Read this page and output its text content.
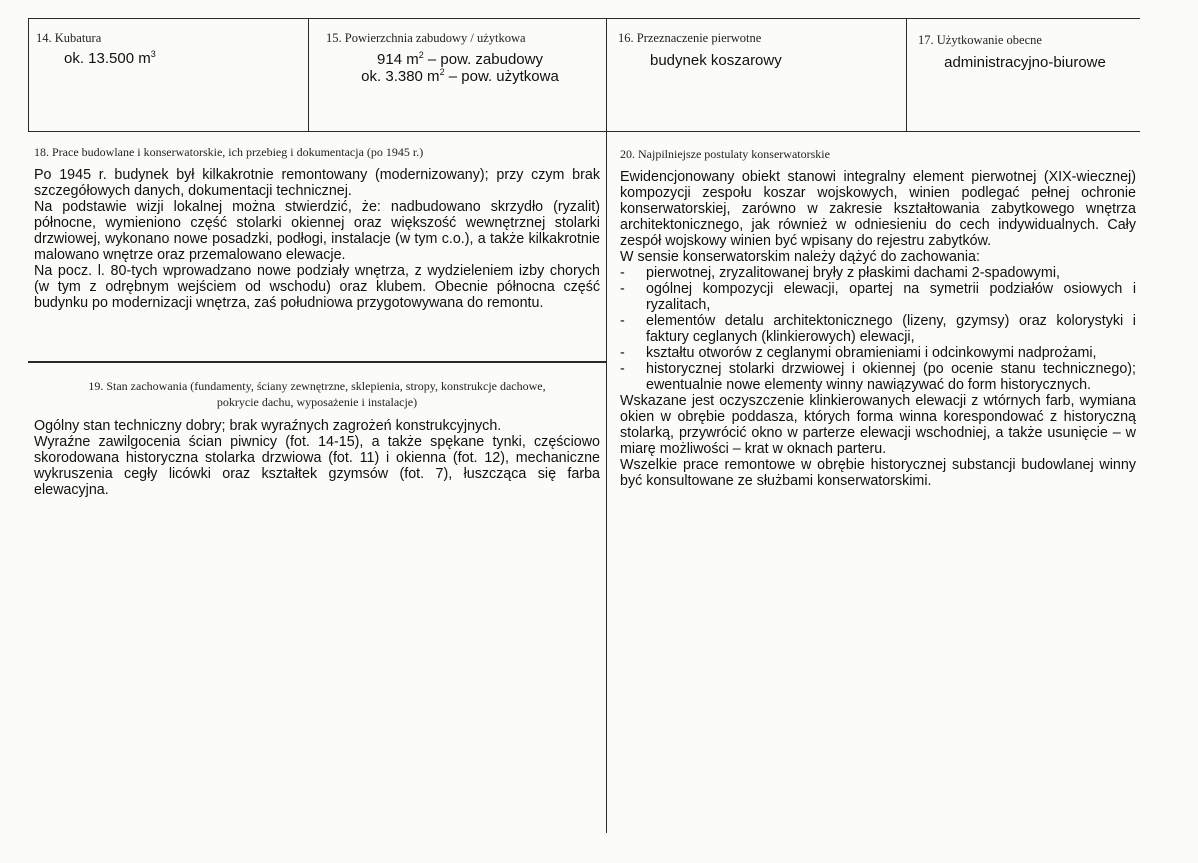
14. Kubatura
ok. 13.500 $m^3$
15. Powierzchnia zabudowy / użytkowa
914 $m^2$ – pow. zabudowy
ok. 3.380 $m^2$ – pow. użytkowa
16. Przeznaczenie pierwotne
budynek koszarowy
17. Użytkowanie obecne
administracyjno-biurowe
18. Prace budowlane i konserwatorskie, ich przebieg i dokumentacja (po 1945 r.)

Po 1945 r. budynek był kilkakrotnie remontowany (modernizowany); przy czym brak szczegółowych danych, dokumentacji technicznej.

Na podstawie wizji lokalnej można stwierdzić, że: nadbudowano skrzydło (ryzalit) północne, wymieniono część stolarki okiennej oraz większość wewnętrznej stolarki drzwiowej, wykonano nowe posadzki, podłogi, instalacje (w tym c.o.), a także kilkakrotnie malowano wnętrze oraz przemalowano elewacje.

Na pocz. l. 80-tych wprowadzano nowe podziały wnętrza, z wydzieleniem izby chorych (w tym z odrębnym wejściem od wschodu) oraz klubem. Obecnie północna część budynku po modernizacji wnętrza, zaś południowa przygotowywana do remontu.

19. Stan zachowania (fundamenty, ściany zewnętrzne, sklepienia, stropy, konstrukcje dachowe,
pokrycie dachu, wyposażenie i instalacje)

Ogólny stan techniczny dobry; brak wyraźnych zagrożeń konstrukcyjnych.

Wyraźne zawilgocenia ścian piwnicy (fot. 14-15), a także spękane tynki, częściowo skorodowana historyczna stolarka drzwiowa (fot. 11) i okienna (fot. 12), mechaniczne wykruszenia cegły licówki oraz kształtek gzymsów (fot. 7), łuszcząca się farba elewacyjna.

20. Najpilniejsze postulaty konserwatorskie

Ewidencjonowany obiekt stanowi integralny element pierwotnej (XIX-wiecznej) kompozycji zespołu koszar wojskowych, winien podlegać pełnej ochronie konserwatorskiej, zarówno w zakresie kształtowania zabytkowego wnętrza architektonicznego, jak również w odniesieniu do cech indywidualnych. Cały zespół wojskowy winien być wpisany do rejestru zabytków.

W sensie konserwatorskim należy dążyć do zachowania:

- pierwotnej, zryzalitowanej bryły z płaskimi dachami 2-spadowymi,
- ogólnej kompozycji elewacji, opartej na symetrii podziałów osiowych i ryzalitach,
- elementów detalu architektonicznego (lizeny, gzymsy) oraz kolorystyki i faktury ceglanych (klinkierowych) elewacji,
- kształtu otworów z ceglanymi obramieniami i odcinkowymi nadprożami,
- historycznej stolarki drzwiowej i okiennej (po ocenie stanu technicznego); ewentualnie nowe elementy winny nawiązywać do form historycznych.

Wskazane jest oczyszczenie klinkierowanych elewacji z wtórnych farb, wymiana okien w obrębie poddasza, których forma winna korespondować z historyczną stolarką, przywrócić okno w parterze elewacji wschodniej, a także usunięcie – w miarę możliwości – krat w oknach parteru.

Wszelkie prace remontowe w obrębie historycznej substancji budowlanej winny być konsultowane ze służbami konserwatorskimi.
